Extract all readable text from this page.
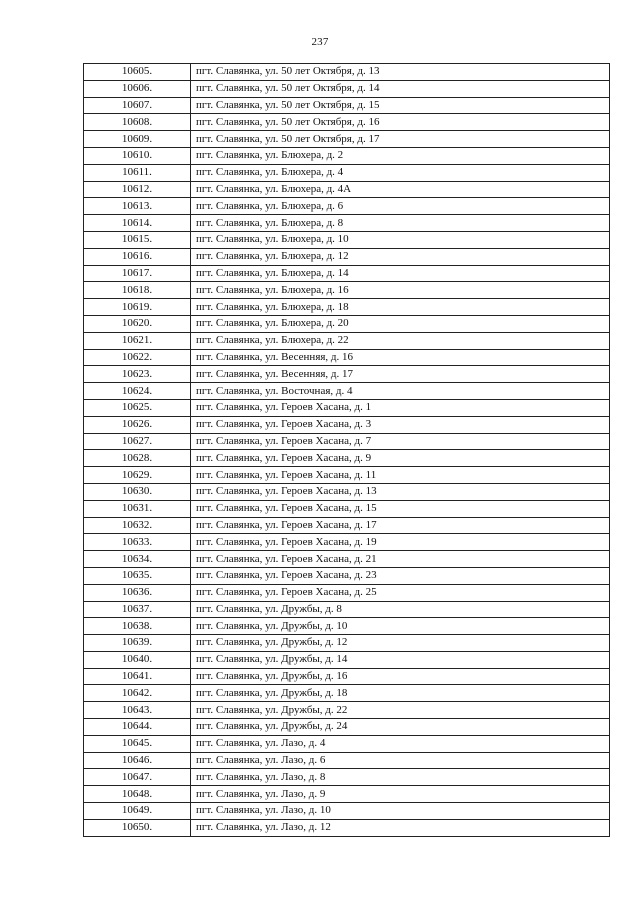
237
10605.	пгт. Славянка, ул. 50 лет Октября, д. 13
10606.	пгт. Славянка, ул. 50 лет Октября, д. 14
10607.	пгт. Славянка, ул. 50 лет Октября, д. 15
10608.	пгт. Славянка, ул. 50 лет Октября, д. 16
10609.	пгт. Славянка, ул. 50 лет Октября, д. 17
10610.	пгт. Славянка, ул. Блюхера, д. 2
10611.	пгт. Славянка, ул. Блюхера, д. 4
10612.	пгт. Славянка, ул. Блюхера, д. 4А
10613.	пгт. Славянка, ул. Блюхера, д. 6
10614.	пгт. Славянка, ул. Блюхера, д. 8
10615.	пгт. Славянка, ул. Блюхера, д. 10
10616.	пгт. Славянка, ул. Блюхера, д. 12
10617.	пгт. Славянка, ул. Блюхера, д. 14
10618.	пгт. Славянка, ул. Блюхера, д. 16
10619.	пгт. Славянка, ул. Блюхера, д. 18
10620.	пгт. Славянка, ул. Блюхера, д. 20
10621.	пгт. Славянка, ул. Блюхера, д. 22
10622.	пгт. Славянка, ул. Весенняя, д. 16
10623.	пгт. Славянка, ул. Весенняя, д. 17
10624.	пгт. Славянка, ул. Восточная, д. 4
10625.	пгт. Славянка, ул. Героев Хасана, д. 1
10626.	пгт. Славянка, ул. Героев Хасана, д. 3
10627.	пгт. Славянка, ул. Героев Хасана, д. 7
10628.	пгт. Славянка, ул. Героев Хасана, д. 9
10629.	пгт. Славянка, ул. Героев Хасана, д. 11
10630.	пгт. Славянка, ул. Героев Хасана, д. 13
10631.	пгт. Славянка, ул. Героев Хасана, д. 15
10632.	пгт. Славянка, ул. Героев Хасана, д. 17
10633.	пгт. Славянка, ул. Героев Хасана, д. 19
10634.	пгт. Славянка, ул. Героев Хасана, д. 21
10635.	пгт. Славянка, ул. Героев Хасана, д. 23
10636.	пгт. Славянка, ул. Героев Хасана, д. 25
10637.	пгт. Славянка, ул. Дружбы, д. 8
10638.	пгт. Славянка, ул. Дружбы, д. 10
10639.	пгт. Славянка, ул. Дружбы, д. 12
10640.	пгт. Славянка, ул. Дружбы, д. 14
10641.	пгт. Славянка, ул. Дружбы, д. 16
10642.	пгт. Славянка, ул. Дружбы, д. 18
10643.	пгт. Славянка, ул. Дружбы, д. 22
10644.	пгт. Славянка, ул. Дружбы, д. 24
10645.	пгт. Славянка, ул. Лазо, д. 4
10646.	пгт. Славянка, ул. Лазо, д. 6
10647.	пгт. Славянка, ул. Лазо, д. 8
10648.	пгт. Славянка, ул. Лазо, д. 9
10649.	пгт. Славянка, ул. Лазо, д. 10
10650.	пгт. Славянка, ул. Лазо, д. 12
